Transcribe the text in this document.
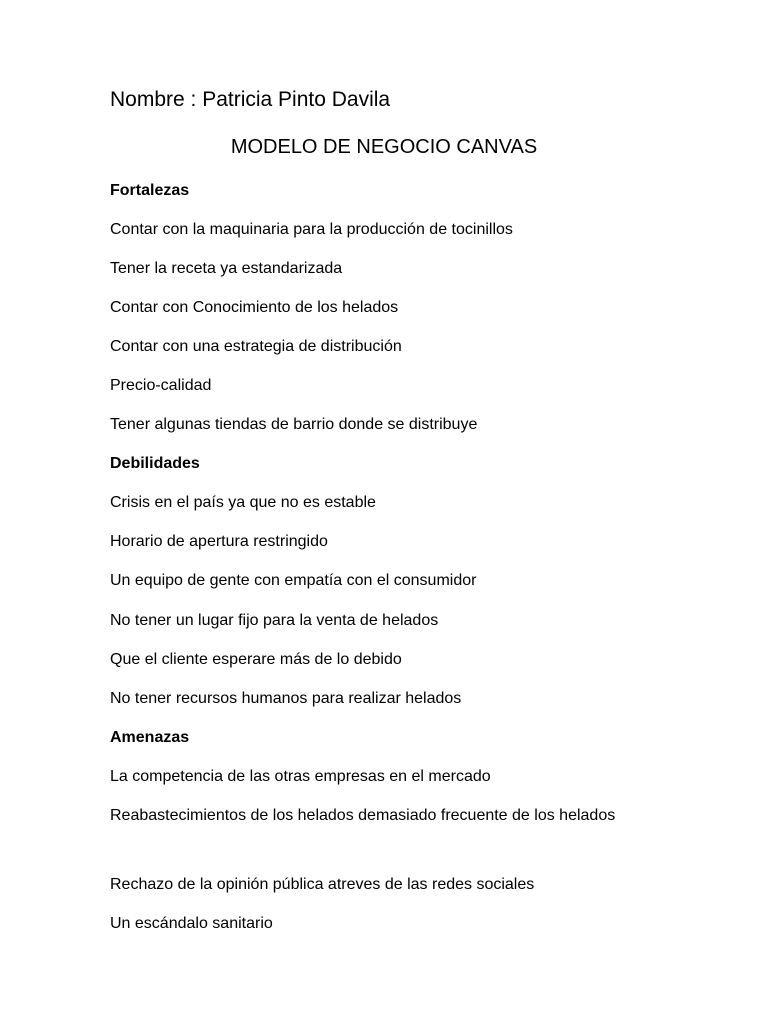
Nombre : Patricia Pinto Davila
MODELO DE NEGOCIO CANVAS
Fortalezas
Contar con la maquinaria para la producción de tocinillos
Tener la receta ya estandarizada
Contar con Conocimiento de los helados
Contar con una estrategia de distribución
Precio-calidad
Tener algunas tiendas de barrio donde se distribuye
Debilidades
Crisis en el país ya que no es estable
Horario de apertura restringido
Un equipo de gente con empatía con el consumidor
No tener un lugar fijo para la venta de helados
Que el cliente esperare más de lo debido
No tener recursos humanos para realizar helados
Amenazas
La competencia de las otras empresas en el mercado
Reabastecimientos de los helados demasiado frecuente de los helados
Rechazo de la opinión pública atreves de las redes sociales
Un escándalo sanitario
